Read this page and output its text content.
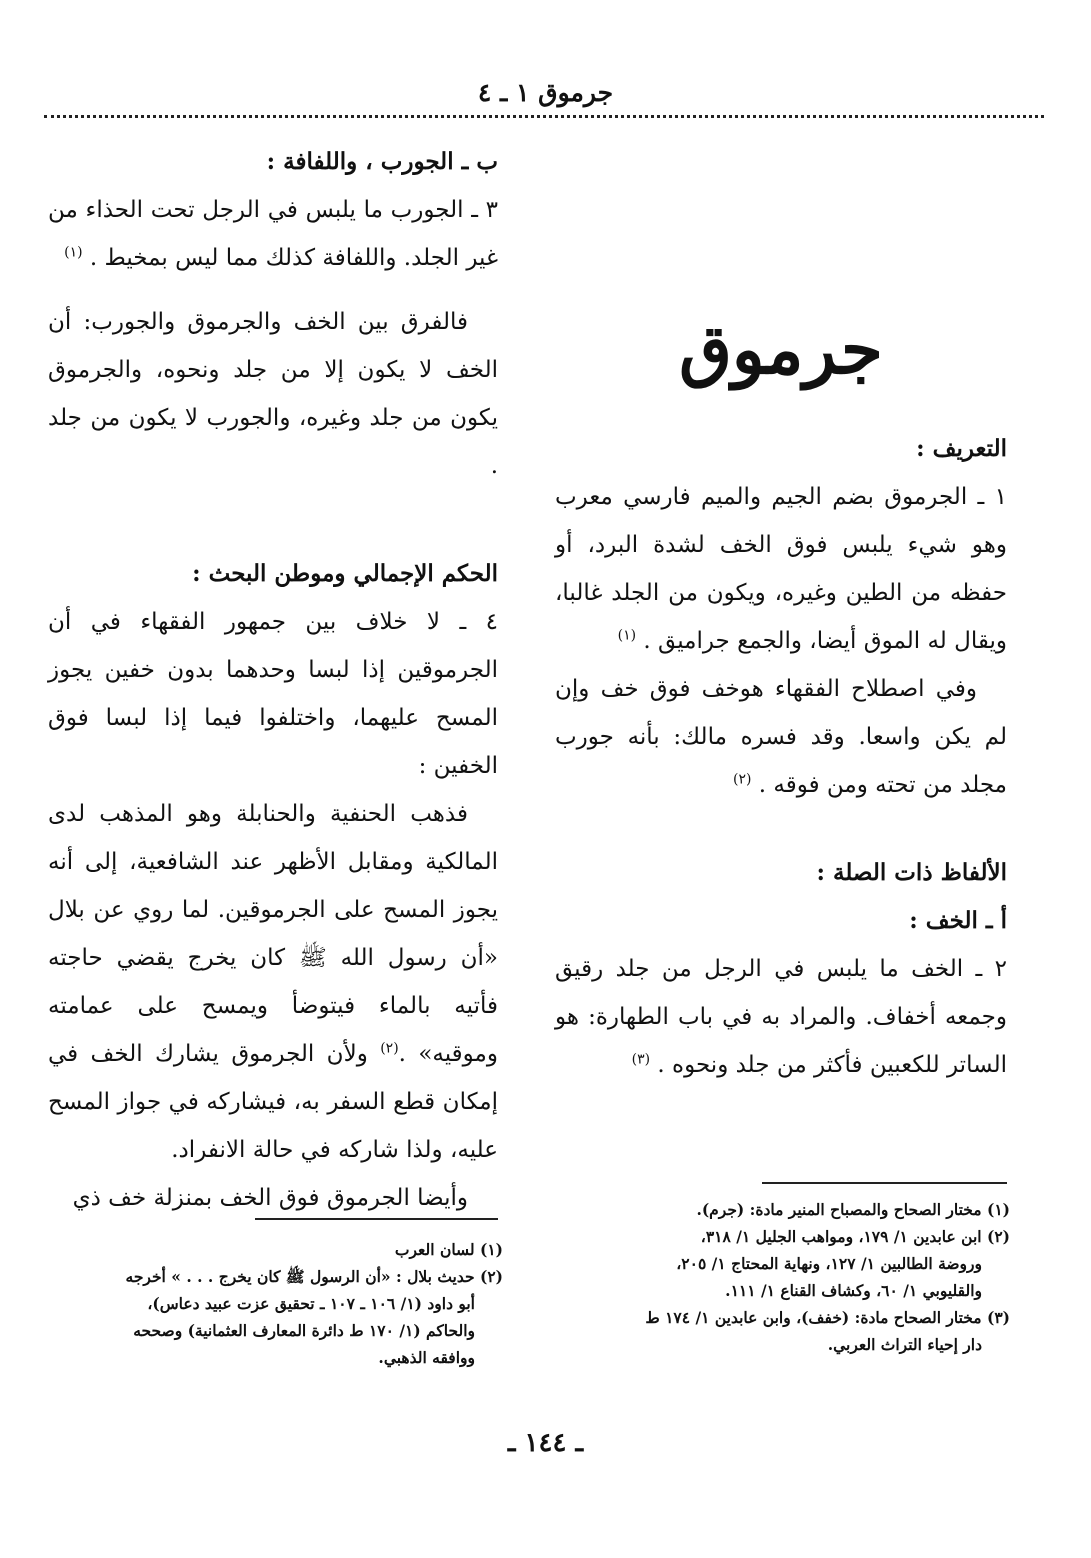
جرموق ١ ـ ٤
جرموق

التعريف :

١ ـ الجرموق بضم الجيم والميم فارسي معرب وهو شيء يلبس فوق الخف لشدة البرد، أو حفظه من الطين وغيره، ويكون من الجلد غالبا، ويقال له الموق أيضا، والجمع جراميق . $^{(١)}$

وفي اصطلاح الفقهاء هوخف فوق خف وإن لم يكن واسعا. وقد فسره مالك: بأنه جورب مجلد من تحته ومن فوقه . $^{(٢)}$

الألفاظ ذات الصلة :

أ ـ الخف :

٢ ـ الخف ما يلبس في الرجل من جلد رقيق وجمعه أخفاف. والمراد به في باب الطهارة: هو الساتر للكعبين فأكثر من جلد ونحوه . $^{(٣)}$

ب ـ الجورب ، واللفافة :

٣ ـ الجورب ما يلبس في الرجل تحت الحذاء من غير الجلد. واللفافة كذلك مما ليس بمخيط . $^{(١)}$

فالفرق بين الخف والجرموق والجورب: أن الخف لا يكون إلا من جلد ونحوه، والجرموق يكون من جلد وغيره، والجورب لا يكون من جلد .

الحكم الإجمالي وموطن البحث :

٤ ـ لا خلاف بين جمهور الفقهاء في أن الجرموقين إذا لبسا وحدهما بدون خفين يجوز المسح عليهما، واختلفوا فيما إذا لبسا فوق الخفين :

فذهب الحنفية والحنابلة وهو المذهب لدى المالكية ومقابل الأظهر عند الشافعية، إلى أنه يجوز المسح على الجرموقين. لما روي عن بلال «أن رسول الله ﷺ كان يخرج يقضي حاجته فأتيه بالماء فيتوضأ ويمسح على عمامته وموقيه» .$^{(٢)}$ ولأن الجرموق يشارك الخف في إمكان قطع السفر به، فيشاركه في جواز المسح عليه، ولذا شاركه في حالة الانفراد.

وأيضا الجرموق فوق الخف بمنزلة خف ذي

(١) لسان العرب

(٢) حديث بلال : «أن الرسول ﷺ كان يخرج . . . » أخرجه

أبو داود (١/ ١٠٦ ـ ١٠٧ ـ تحقيق عزت عبيد دعاس)،

والحاكم (١/ ١٧٠ ط دائرة المعارف العثمانية) وصححه

ووافقه الذهبي.

(١) مختار الصحاح والمصباح المنير مادة: (جرم).

(٢) ابن عابدين ١/ ١٧٩، ومواهب الجليل ١/ ٣١٨،

وروضة الطالبين ١/ ١٢٧، ونهاية المحتاج ١/ ٢٠٥،

والقليوبي ١/ ٦٠، وكشاف القناع ١/ ١١١.

(٣) مختار الصحاح مادة: (خفف)، وابن عابدين ١/ ١٧٤ ط

دار إحياء التراث العربي.

ـ ١٤٤ ـ
